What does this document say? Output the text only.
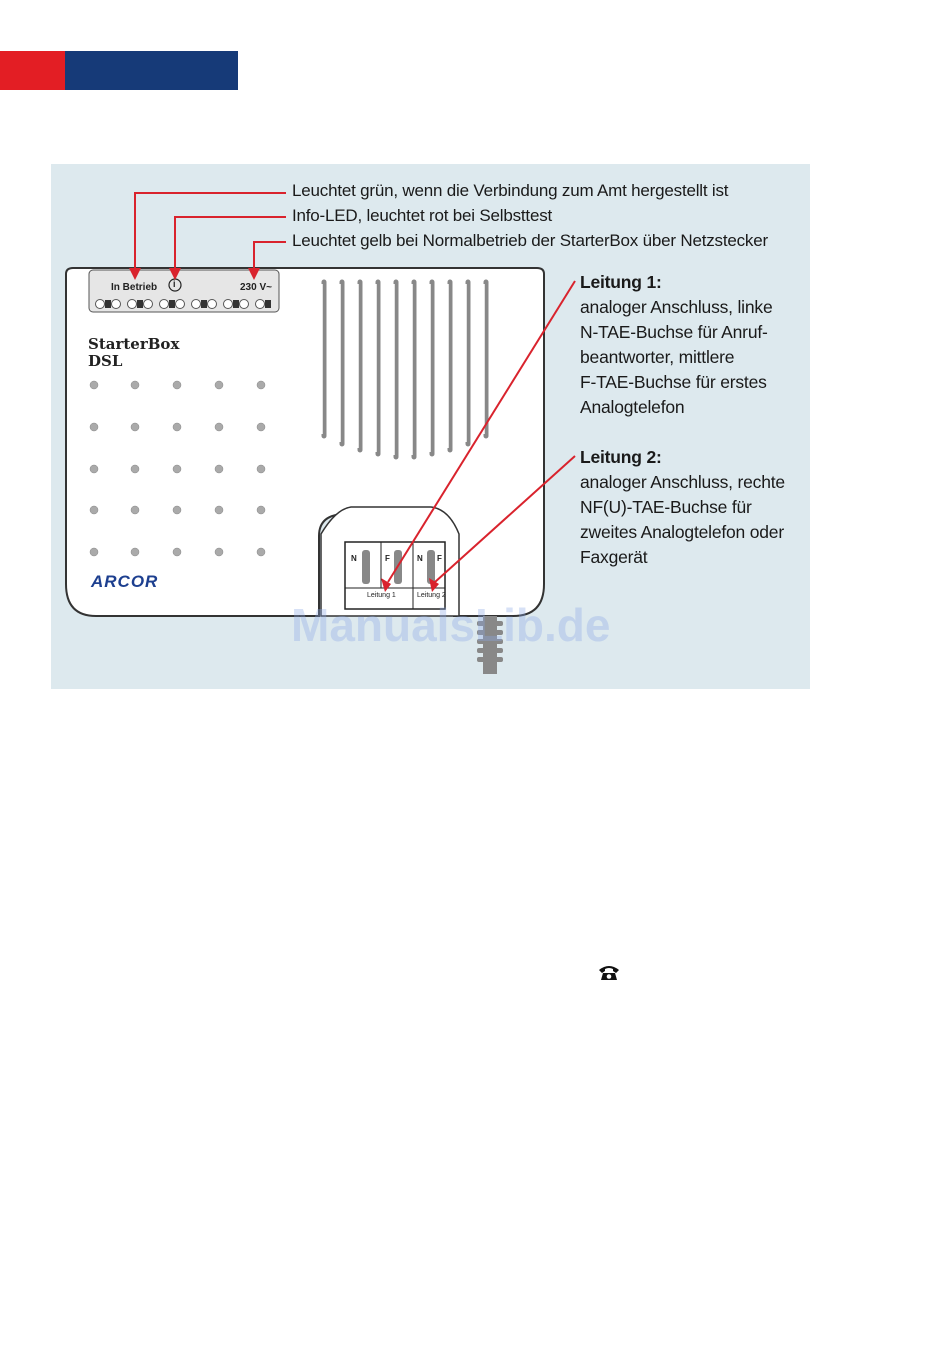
Leuchtet grün, wenn die Verbindung zum Amt hergestellt ist
Info-LED, leuchtet rot bei Selbsttest
Leuchtet gelb bei Normalbetrieb der StarterBox über Netzstecker
In Betrieb i	230 V~
StarterBox
DSL
ARCOR
N	F	N F
Leitung 1	Leitung 2
Leitung 1:
analoger Anschluss, linke
N-TAE-Buchse für Anruf-
beantworter, mittlere
F-TAE-Buchse für erstes
Analogtelefon
Leitung 2:
analoger Anschluss, rechte
NF(U)-TAE-Buchse für
zweites Analogtelefon oder
Faxgerät
ManualsLib.de
